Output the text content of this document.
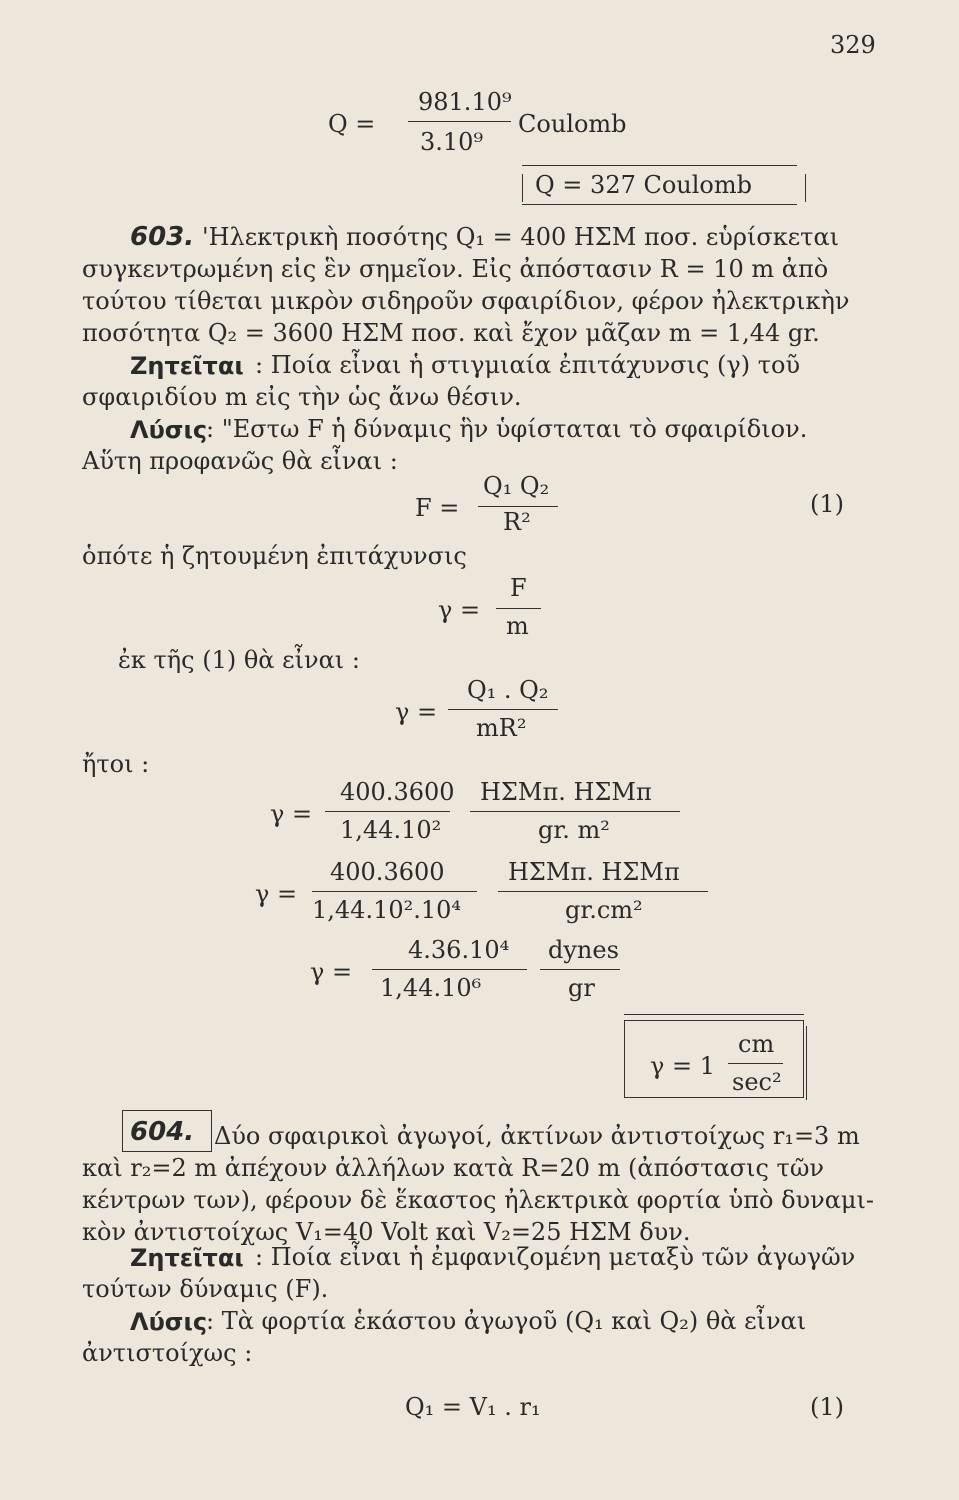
329
Q =
981.10⁹
3.10⁹
Coulomb
Q = 327 Coulomb
603. 'Ηλεκτρικὴ ποσότης Q₁ = 400 ΗΣΜ ποσ. εὑρίσκεται
συγκεντρωμένη εἰς ἓν σημεῖον. Εἰς ἀπόστασιν R = 10 m ἀπὸ
τούτου τίθεται μικρὸν σιδηροῦν σφαιρίδιον, φέρον ἠλεκτρικὴν
ποσότητα Q₂ = 3600 ΗΣΜ ποσ. καὶ ἔχον μᾶζαν m = 1,44 gr.
Ζητεῖται : Ποία εἶναι ἡ στιγμιαία ἐπιτάχυνσις (γ) τοῦ
σφαιριδίου m εἰς τὴν ὡς ἄνω θέσιν.
Λύσις
: "Εστω F ἡ δύναμις ἣν ὑφίσταται τὸ σφαιρίδιον.
Αὕτη προφανῶς θὰ εἶναι :
F =
Q₁ Q₂
R²
(1)
ὁπότε ἡ ζητουμένη ἐπιτάχυνσις
γ =
F
m
ἐκ τῆς (1) θὰ εἶναι :
γ =
Q₁ . Q₂
mR²
ἤτοι :
γ =
400.3600
1,44.10²
ΗΣΜπ. ΗΣΜπ
gr. m²
γ =
400.3600
1,44.10².10⁴
ΗΣΜπ. ΗΣΜπ
gr.cm²
γ =
4.36.10⁴
1,44.10⁶
dynes
gr
γ = 1
cm
sec²
604. Δύο σφαιρικοὶ ἀγωγοί, ἀκτίνων ἀντιστοίχως r₁=3 m
καὶ r₂=2 m ἀπέχουν ἀλλήλων κατὰ R=20 m (ἀπόστασις τῶν
κέντρων των), φέρουν δὲ ἕκαστος ἠλεκτρικὰ φορτία ὑπὸ δυναμι-
κὸν ἀντιστοίχως V₁=40 Volt καὶ V₂=25 ΗΣΜ δυν.
Ζητεῖται : Ποία εἶναι ἡ ἐμφανιζομένη μεταξὺ τῶν ἀγωγῶν
τούτων δύναμις (F).
Λύσις
: Τὰ φορτία ἑκάστου ἀγωγοῦ (Q₁ καὶ Q₂) θὰ εἶναι
ἀντιστοίχως :
Q₁ = V₁ . r₁	(1)
